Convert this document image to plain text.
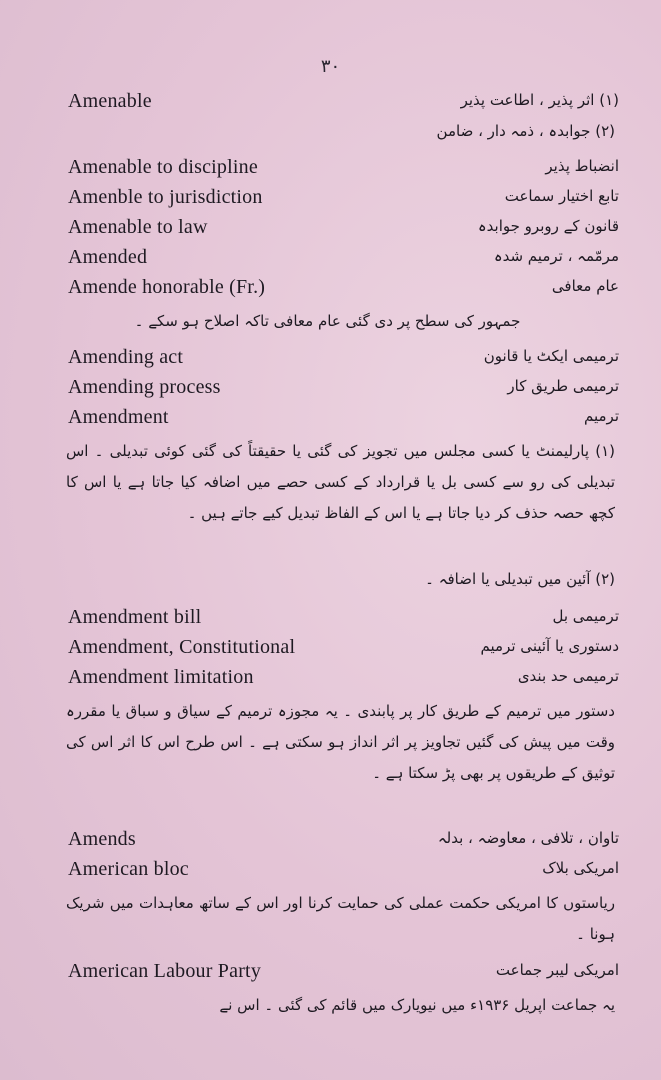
۳۰
Amenable	(۱) اثر پذیر ، اطاعت پذیر
(۲) جوابدہ ، ذمہ دار ، ضامن
Amenable to discipline	انضباط پذیر
Amenble to jurisdiction	تابع اختیار سماعت
Amenable to law	قانون کے روبرو جوابدہ
Amended	مرمّمہ ، ترمیم شدہ
Amende honorable (Fr.)	عام معافی
جمہور کی سطح پر دی گئی عام معافی تاکہ اصلاح ہو سکے ۔
Amending act	ترمیمی ایکٹ یا قانون
Amending process	ترمیمی طریق کار
Amendment	ترمیم
(۱) پارلیمنٹ یا کسی مجلس میں تجویز کی گئی یا حقیقتاً کی گئی کوئی تبدیلی ۔ اس تبدیلی کی رو سے کسی بل یا قرارداد کے کسی حصے میں اضافہ کیا جاتا ہے یا اس کا کچھ حصہ حذف کر دیا جاتا ہے یا اس کے الفاظ تبدیل کیے جاتے ہیں ۔
(۲) آئین میں تبدیلی یا اضافہ ۔
Amendment bill	ترمیمی بل
Amendment, Constitutional	دستوری یا آئینی ترمیم
Amendment limitation	ترمیمی حد بندی
دستور میں ترمیم کے طریق کار پر پابندی ۔ یہ مجوزہ ترمیم کے سیاق و سباق یا مقررہ وقت میں پیش کی گئیں تجاویز پر اثر انداز ہو سکتی ہے ۔ اس طرح اس کا اثر اس کی توثیق کے طریقوں پر بھی پڑ سکتا ہے ۔
Amends	تاوان ، تلافی ، معاوضہ ، بدلہ
American bloc	امریکی بلاک
ریاستوں کا امریکی حکمت عملی کی حمایت کرنا اور اس کے ساتھ معاہدات میں شریک ہونا ۔
American Labour Party	امریکی لیبر جماعت
یہ جماعت اپریل ۱۹۳۶ء میں نیویارک میں قائم کی گئی ۔ اس نے
